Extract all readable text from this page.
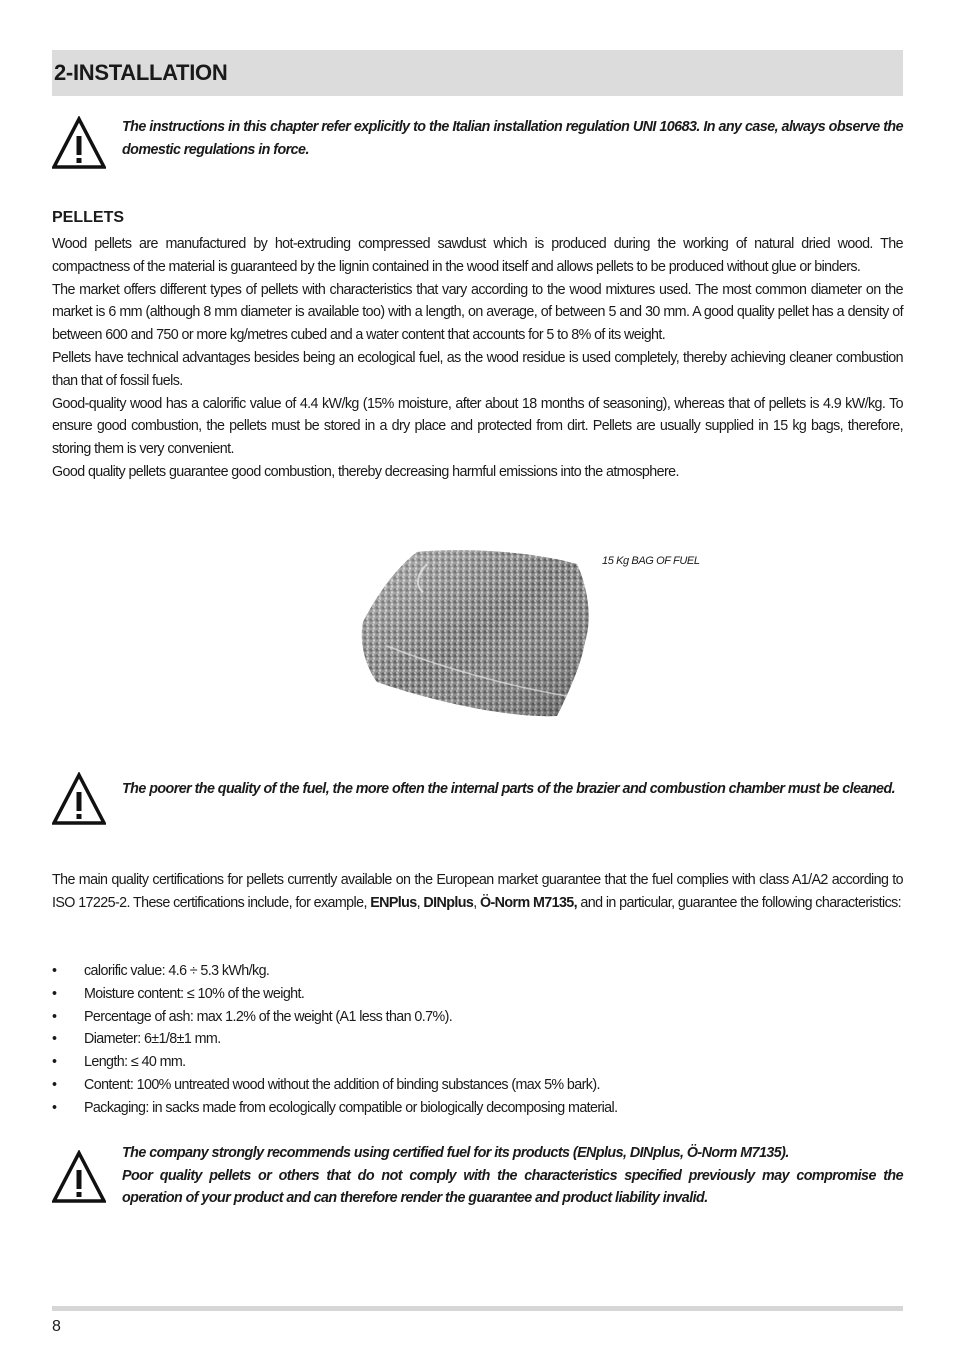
2-INSTALLATION
The instructions in this chapter refer explicitly to the Italian installation regulation UNI 10683. In any case, always observe the domestic regulations in force.
PELLETS

Wood pellets are manufactured by hot-extruding compressed sawdust which is produced during the working of natural dried wood. The compactness of the material is guaranteed by the lignin contained in the wood itself and allows pellets to be produced without glue or binders.

The market offers different types of pellets with characteristics that vary according to the wood mixtures used. The most common diameter on the market is 6 mm (although 8 mm diameter is available too) with a length, on average, of between 5 and 30 mm. A good quality pellet has a density of between 600 and 750 or more kg/metres cubed and a water content that accounts for 5 to 8% of its weight.

Pellets have technical advantages besides being an ecological fuel, as the wood residue is used completely, thereby achieving cleaner combustion than that of fossil fuels.

Good-quality wood has a calorific value of 4.4 kW/kg (15% moisture, after about 18 months of seasoning), whereas that of pellets is 4.9 kW/kg. To ensure good combustion, the pellets must be stored in a dry place and protected from dirt. Pellets are usually supplied in 15 kg bags, therefore, storing them is very convenient.

Good quality pellets guarantee good combustion, thereby decreasing harmful emissions into the atmosphere.

15 Kg BAG OF FUEL
The poorer the quality of the fuel, the more often the internal parts of the brazier and combustion chamber must be cleaned.

The main quality certifications for pellets currently available on the European market guarantee that the fuel complies with class A1/A2 according to ISO 17225-2. These certifications include, for example, ENPlus, DINplus, Ö-Norm M7135, and in particular, guarantee the following characteristics:

• calorific value: 4.6 ÷ 5.3 kWh/kg.
• Moisture content: ≤ 10% of the weight.
• Percentage of ash: max 1.2% of the weight (A1 less than 0.7%).
• Diameter: 6±1/8±1 mm.
• Length: ≤ 40 mm.
• Content: 100% untreated wood without the addition of binding substances (max 5% bark).
• Packaging: in sacks made from ecologically compatible or biologically decomposing material.
The company strongly recommends using certified fuel for its products (ENplus, DINplus, Ö-Norm M7135).
Poor quality pellets or others that do not comply with the characteristics specified previously may compromise the operation of your product and can therefore render the guarantee and product liability invalid.
8
